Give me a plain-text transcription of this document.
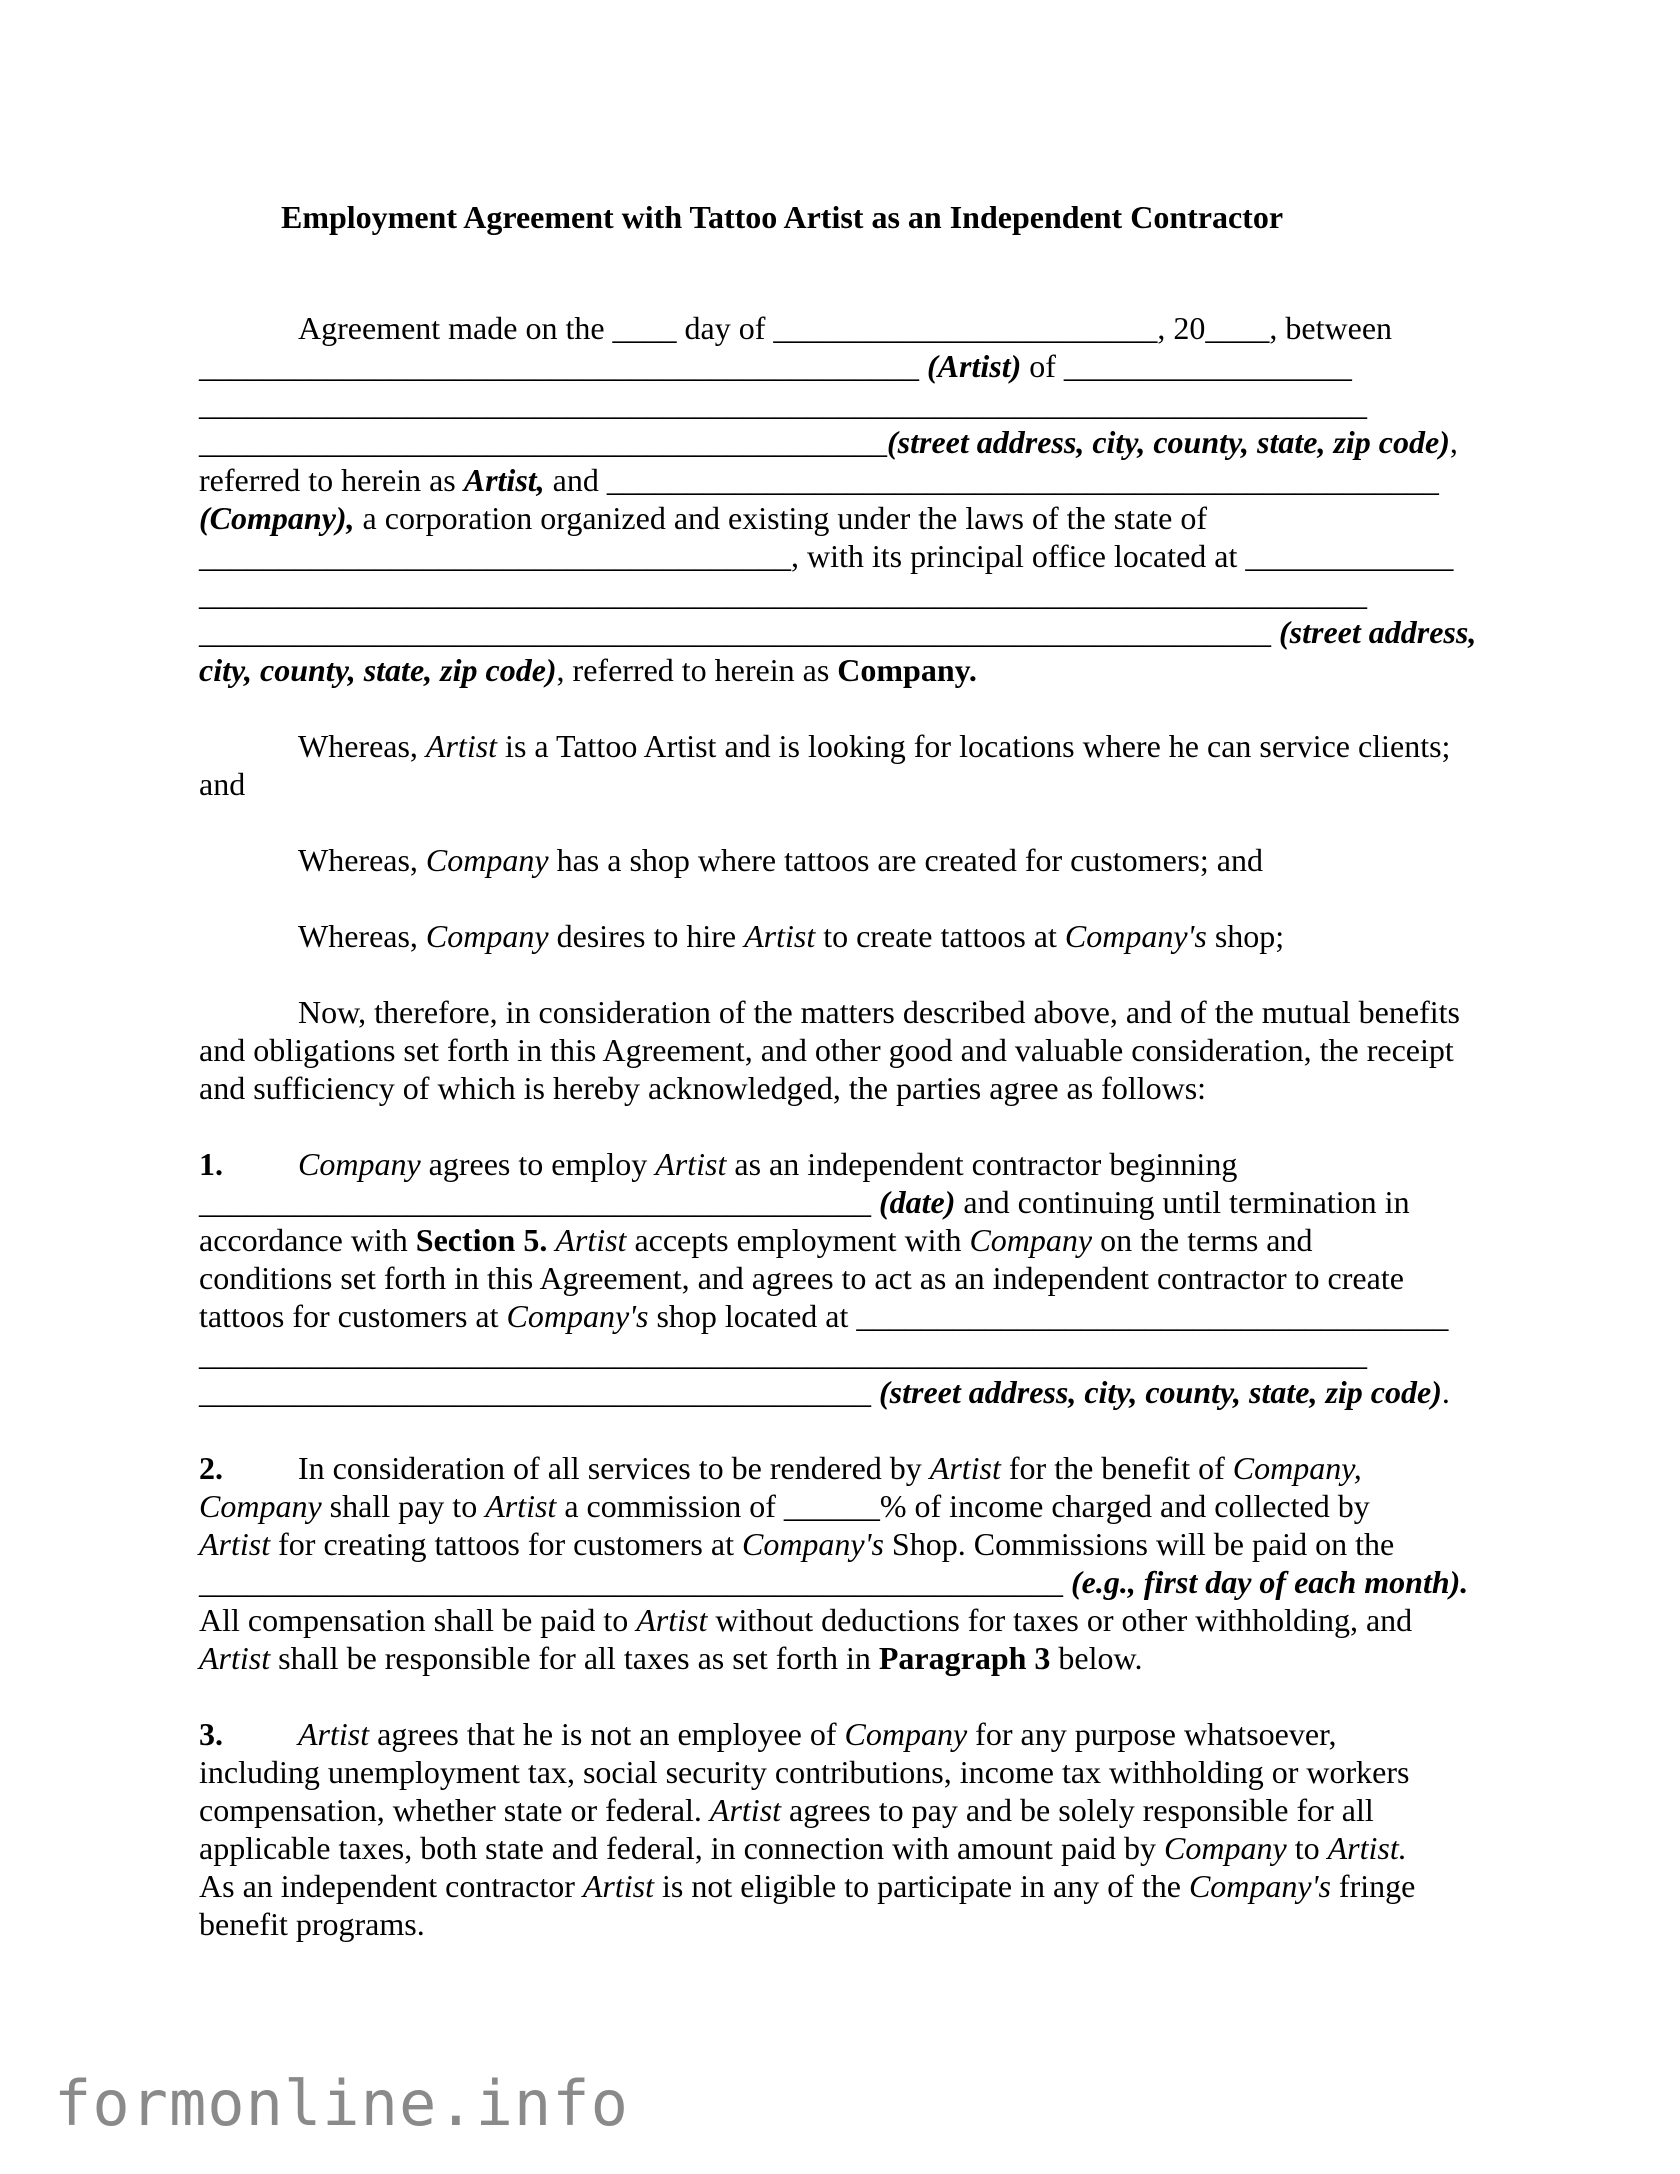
Employment Agreement with Tattoo Artist as an Independent Contractor
Agreement made on the ____ day of ________________________, 20____, between
_____________________________________________ (Artist) of __________________
_________________________________________________________________________
___________________________________________(street address, city, county, state, zip code),
referred to herein as Artist, and ____________________________________________________
(Company), a corporation organized and existing under the laws of the state of
_____________________________________, with its principal office located at _____________
_________________________________________________________________________
___________________________________________________________________ (street address,
city, county, state, zip code), referred to herein as Company.
Whereas, Artist is a Tattoo Artist and is looking for locations where he can service clients; and
Whereas, Company has a shop where tattoos are created for customers; and
Whereas, Company desires to hire Artist to create tattoos at Company's shop;
Now, therefore, in consideration of the matters described above, and of the mutual benefits and obligations set forth in this Agreement, and other good and valuable consideration, the receipt and sufficiency of which is hereby acknowledged, the parties agree as follows:
1. Company agrees to employ Artist as an independent contractor beginning
__________________________________________ (date) and continuing until termination in
accordance with Section 5. Artist accepts employment with Company on the terms and
conditions set forth in this Agreement, and agrees to act as an independent contractor to create
tattoos for customers at Company's shop located at _____________________________________
_________________________________________________________________________
__________________________________________ (street address, city, county, state, zip code).
2. In consideration of all services to be rendered by Artist for the benefit of Company,
Company shall pay to Artist a commission of ______% of income charged and collected by
Artist for creating tattoos for customers at Company's Shop. Commissions will be paid on the
______________________________________________________ (e.g., first day of each month).
All compensation shall be paid to Artist without deductions for taxes or other withholding, and
Artist shall be responsible for all taxes as set forth in Paragraph 3 below.
3. Artist agrees that he is not an employee of Company for any purpose whatsoever,
including unemployment tax, social security contributions, income tax withholding or workers
compensation, whether state or federal. Artist agrees to pay and be solely responsible for all
applicable taxes, both state and federal, in connection with amount paid by Company to Artist.
As an independent contractor Artist is not eligible to participate in any of the Company's fringe
benefit programs.
formonline.info
